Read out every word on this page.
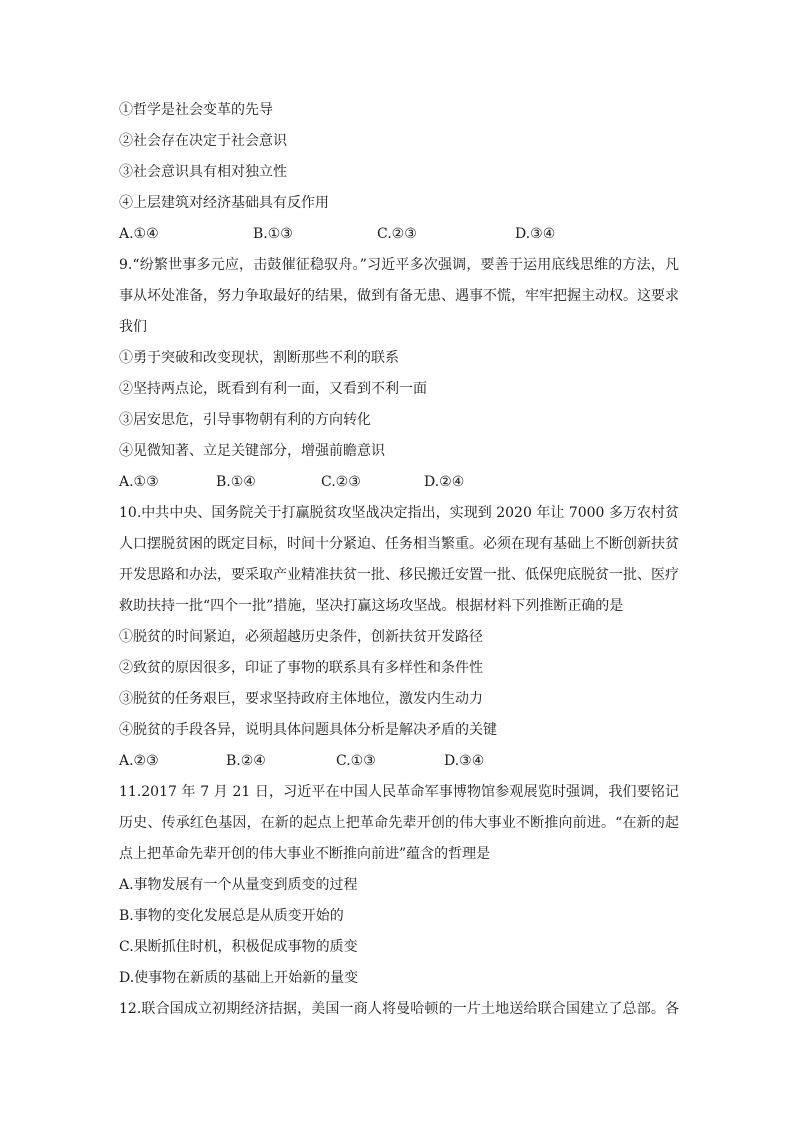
①哲学是社会变革的先导
②社会存在决定于社会意识
③社会意识具有相对独立性
④上层建筑对经济基础具有反作用
A.①④	B.①③	C.②③	D.③④
9.“纷繁世事多元应，击鼓催征稳驭舟。”习近平多次强调，要善于运用底线思维的方法，凡
事从坏处准备，努力争取最好的结果，做到有备无患、遇事不慌，牢牢把握主动权。这要求
我们
①勇于突破和改变现状，割断那些不利的联系
②坚持两点论，既看到有利一面，又看到不利一面
③居安思危，引导事物朝有利的方向转化
④见微知著、立足关键部分，增强前瞻意识
A.①③	B.①④	C.②③	D.②④
10.中共中央、国务院关于打赢脱贫攻坚战决定指出，实现到 2020 年让 7000 多万农村贫
人口摆脱贫困的既定目标，时间十分紧迫、任务相当繁重。必须在现有基础上不断创新扶贫
开发思路和办法，要采取产业精准扶贫一批、移民搬迁安置一批、低保兜底脱贫一批、医疗
救助扶持一批“四个一批”措施，坚决打赢这场攻坚战。根据材料下列推断正确的是
①脱贫的时间紧迫，必须超越历史条件，创新扶贫开发路径
②致贫的原因很多，印证了事物的联系具有多样性和条件性
③脱贫的任务艰巨，要求坚持政府主体地位，激发内生动力
④脱贫的手段各异，说明具体问题具体分析是解决矛盾的关键
A.②③	B.②④	C.①③	D.③④
11.2017 年 7 月 21 日，习近平在中国人民革命军事博物馆参观展览时强调，我们要铭记
历史、传承红色基因，在新的起点上把革命先辈开创的伟大事业不断推向前进。“在新的起
点上把革命先辈开创的伟大事业不断推向前进”蕴含的哲理是
A.事物发展有一个从量变到质变的过程
B.事物的变化发展总是从质变开始的
C.果断抓住时机，积极促成事物的质变
D.使事物在新质的基础上开始新的量变
12.联合国成立初期经济拮据，美国一商人将曼哈顿的一片土地送给联合国建立了总部。各
